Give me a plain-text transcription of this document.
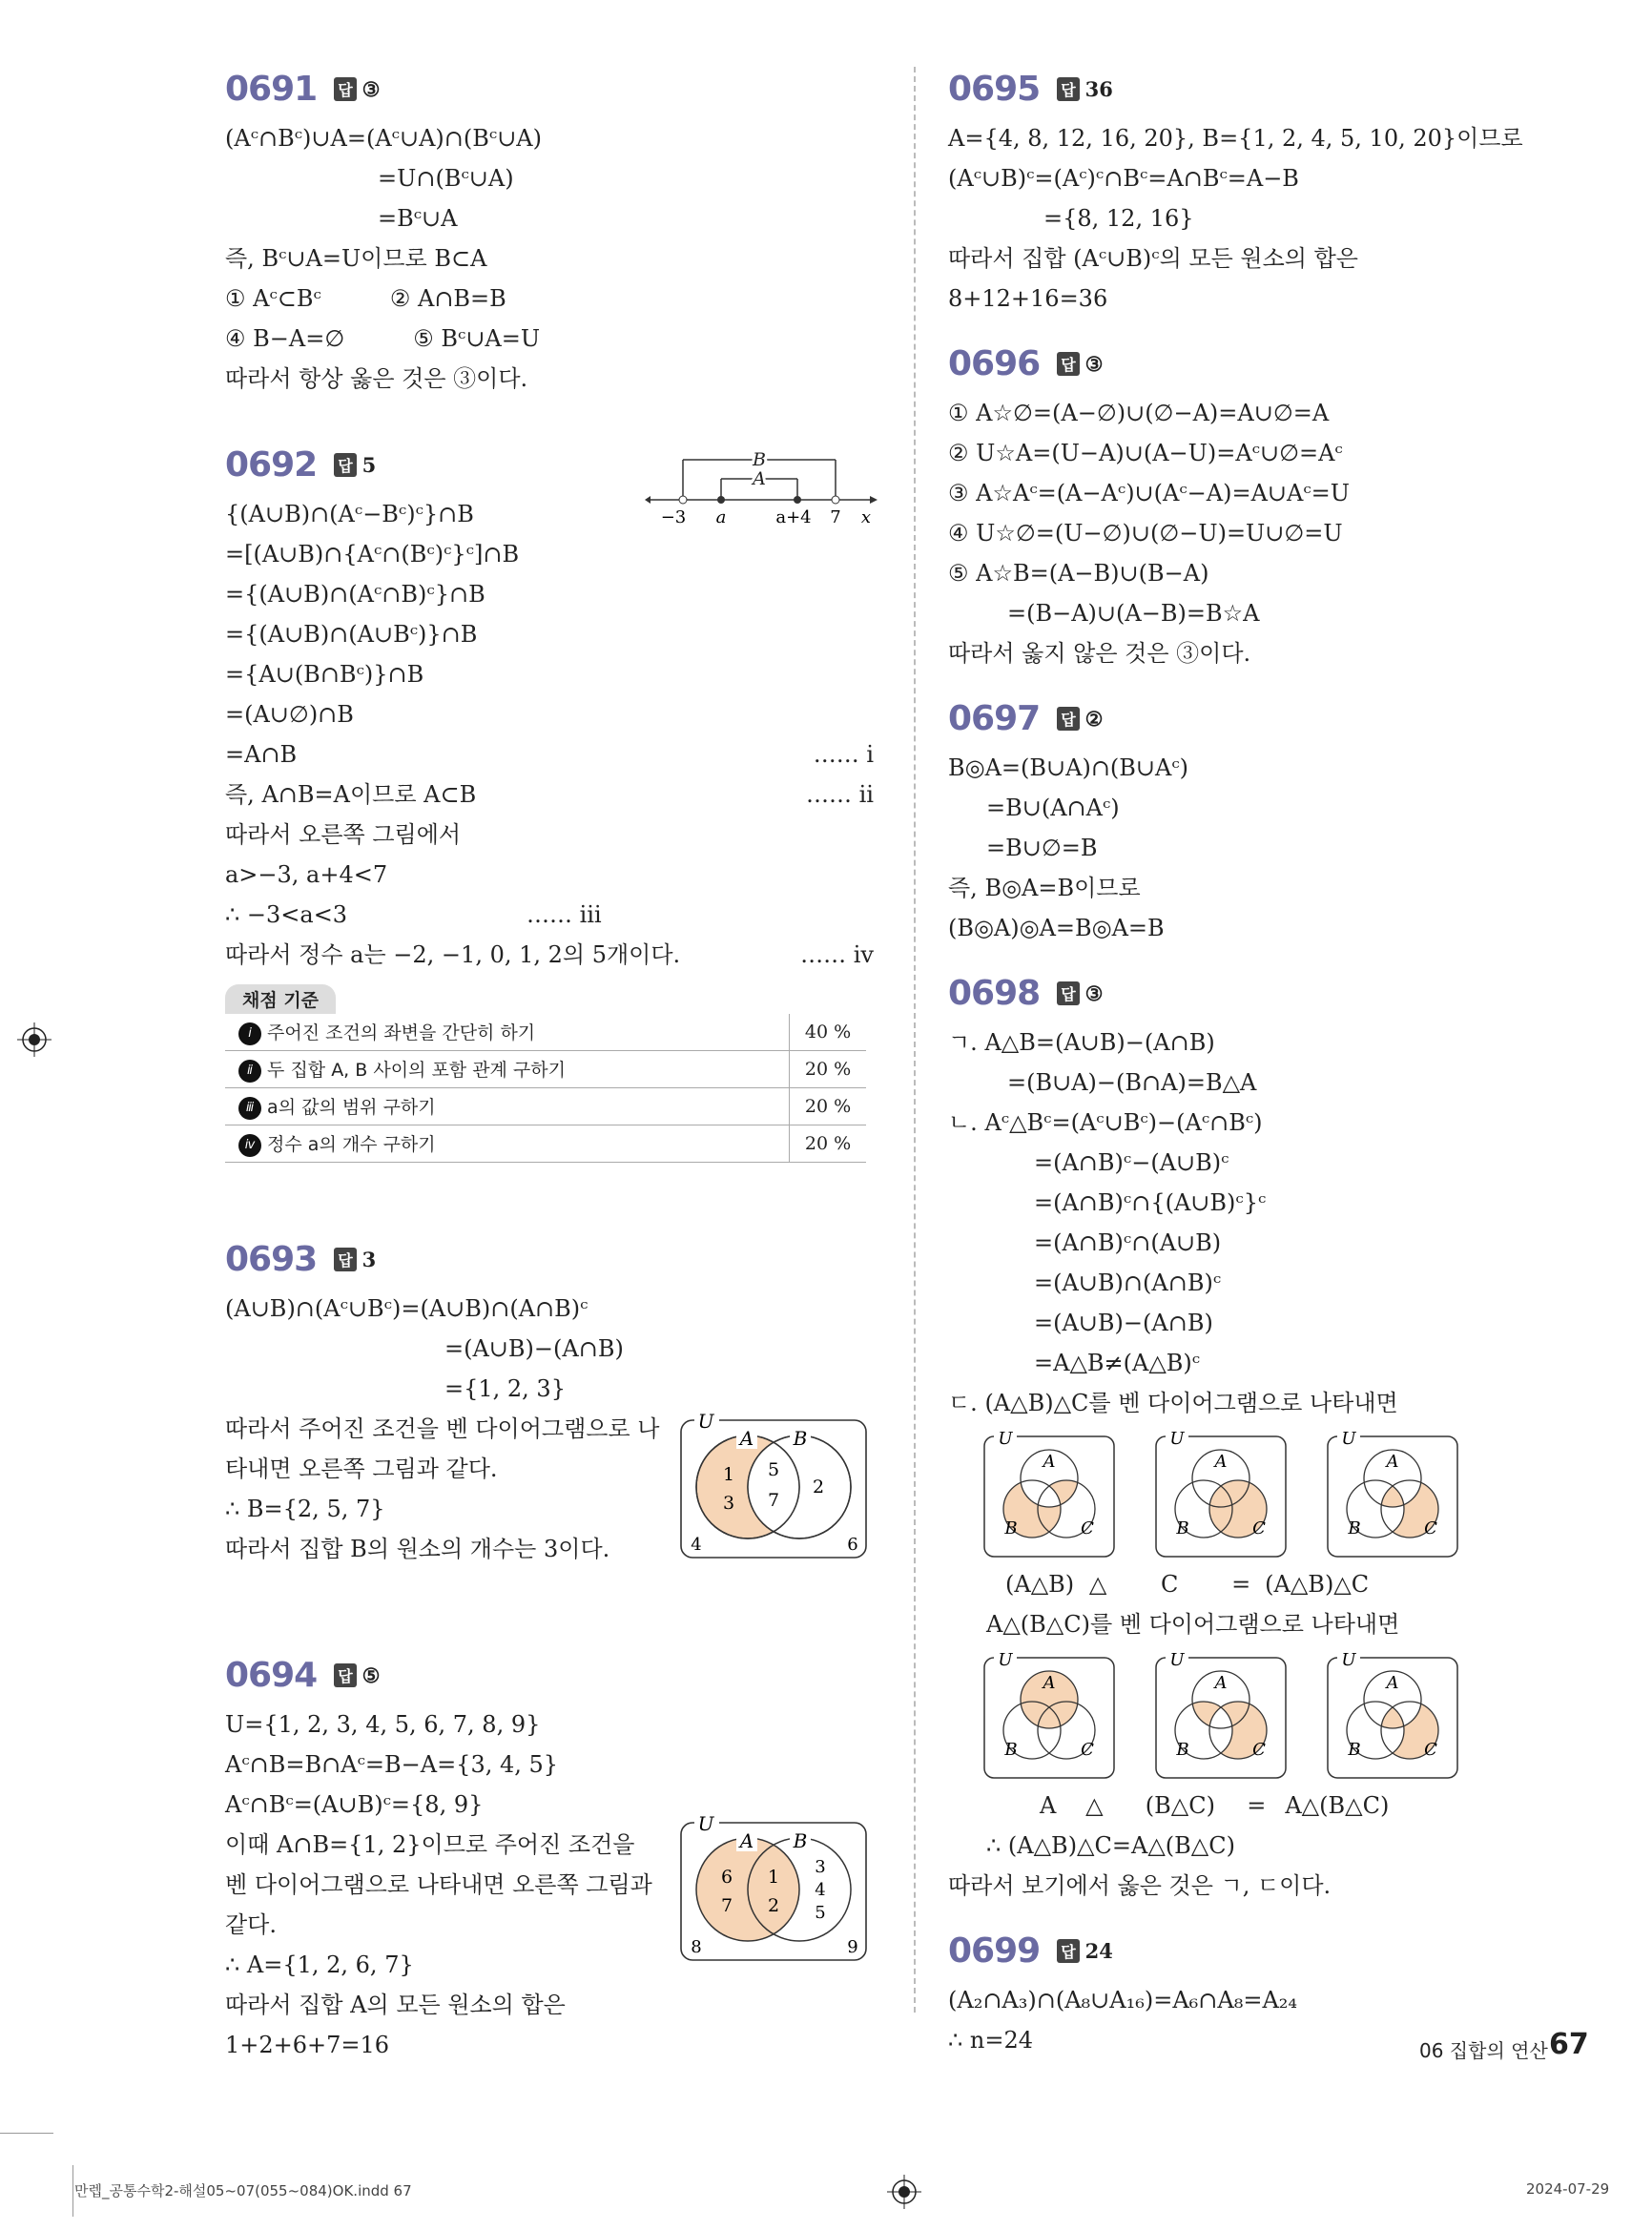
0691 답 ③
(Aᶜ∩Bᶜ)∪A=(Aᶜ∪A)∩(Bᶜ∪A)
=U∩(Bᶜ∪A)
=Bᶜ∪A
즉, Bᶜ∪A=U이므로 B⊂A
① Aᶜ⊂Bᶜ　　　② A∩B=B
④ B−A=∅　　　⑤ Bᶜ∪A=U
따라서 항상 옳은 것은 ③이다.
0692 답 5
{(A∪B)∩(Aᶜ−Bᶜ)ᶜ}∩B
=[(A∪B)∩{Aᶜ∩(Bᶜ)ᶜ}ᶜ]∩B
={(A∪B)∩(Aᶜ∩B)ᶜ}∩B
={(A∪B)∩(A∪Bᶜ)}∩B
={A∪(B∩Bᶜ)}∩B
=(A∪∅)∩B
=A∩B	…… ⅰ
즉, A∩B=A이므로 A⊂B	…… ⅱ
따라서 오른쪽 그림에서
a>−3, a+4<7
∴ −3<a<3	…… ⅲ
따라서 정수 a는 −2, −1, 0, 1, 2의 5개이다.	…… ⅳ
B
A
−3 a	a+4 7 x
채점 기준
ⅰ 주어진 조건의 좌변을 간단히 하기	40 %
ⅱ 두 집합 A, B 사이의 포함 관계 구하기	20 %
ⅲ a의 값의 범위 구하기	20 %
ⅳ 정수 a의 개수 구하기	20 %
0693 답 3
(A∪B)∩(Aᶜ∪Bᶜ)=(A∪B)∩(A∩B)ᶜ
=(A∪B)−(A∩B)
={1, 2, 3}
따라서 주어진 조건을 벤 다이어그램으로 나
타내면 오른쪽 그림과 같다.
∴ B={2, 5, 7}
따라서 집합 B의 원소의 개수는 3이다.
U
A B
1
3
5
7
2
4	6
0694 답 ⑤
U={1, 2, 3, 4, 5, 6, 7, 8, 9}
Aᶜ∩B=B∩Aᶜ=B−A={3, 4, 5}
Aᶜ∩Bᶜ=(A∪B)ᶜ={8, 9}
이때 A∩B={1, 2}이므로 주어진 조건을
벤 다이어그램으로 나타내면 오른쪽 그림과
같다.
∴ A={1, 2, 6, 7}
따라서 집합 A의 모든 원소의 합은
1+2+6+7=16
U
A B
6
7
1
2
3
4
5
8	9
0695 답 36
A={4, 8, 12, 16, 20}, B={1, 2, 4, 5, 10, 20}이므로
(Aᶜ∪B)ᶜ=(Aᶜ)ᶜ∩Bᶜ=A∩Bᶜ=A−B
={8, 12, 16}
따라서 집합 (Aᶜ∪B)ᶜ의 모든 원소의 합은
8+12+16=36
0696 답 ③
① A☆∅=(A−∅)∪(∅−A)=A∪∅=A
② U☆A=(U−A)∪(A−U)=Aᶜ∪∅=Aᶜ
③ A☆Aᶜ=(A−Aᶜ)∪(Aᶜ−A)=A∪Aᶜ=U
④ U☆∅=(U−∅)∪(∅−U)=U∪∅=U
⑤ A☆B=(A−B)∪(B−A)
=(B−A)∪(A−B)=B☆A
따라서 옳지 않은 것은 ③이다.
0697 답 ②
B◎A=(B∪A)∩(B∪Aᶜ)
=B∪(A∩Aᶜ)
=B∪∅=B
즉, B◎A=B이므로
(B◎A)◎A=B◎A=B
0698 답 ③
ㄱ. A△B=(A∪B)−(A∩B)
=(B∪A)−(B∩A)=B△A
ㄴ. Aᶜ△Bᶜ=(Aᶜ∪Bᶜ)−(Aᶜ∩Bᶜ)
=(A∩B)ᶜ−(A∪B)ᶜ
=(A∩B)ᶜ∩{(A∪B)ᶜ}ᶜ
=(A∩B)ᶜ∩(A∪B)
=(A∪B)∩(A∩B)ᶜ
=(A∪B)−(A∩B)
=A△B≠(A△B)ᶜ
ㄷ. (A△B)△C를 벤 다이어그램으로 나타내면
U
A
B	C
U
A
B	C
U
A
B	C
(A△B) △ C = (A△B)△C
A△(B△C)를 벤 다이어그램으로 나타내면
U
A
B	C
U
A
B	C
U
A
B	C
A △ (B△C) = A△(B△C)
∴ (A△B)△C=A△(B△C)
따라서 보기에서 옳은 것은 ㄱ, ㄷ이다.
0699 답 24
(A₂∩A₃)∩(A₈∪A₁₆)=A₆∩A₈=A₂₄
∴ n=24	06 집합의 연산 67
만렙_공통수학2-해설05~07(055~084)OK.indd 67	2024-07-29
